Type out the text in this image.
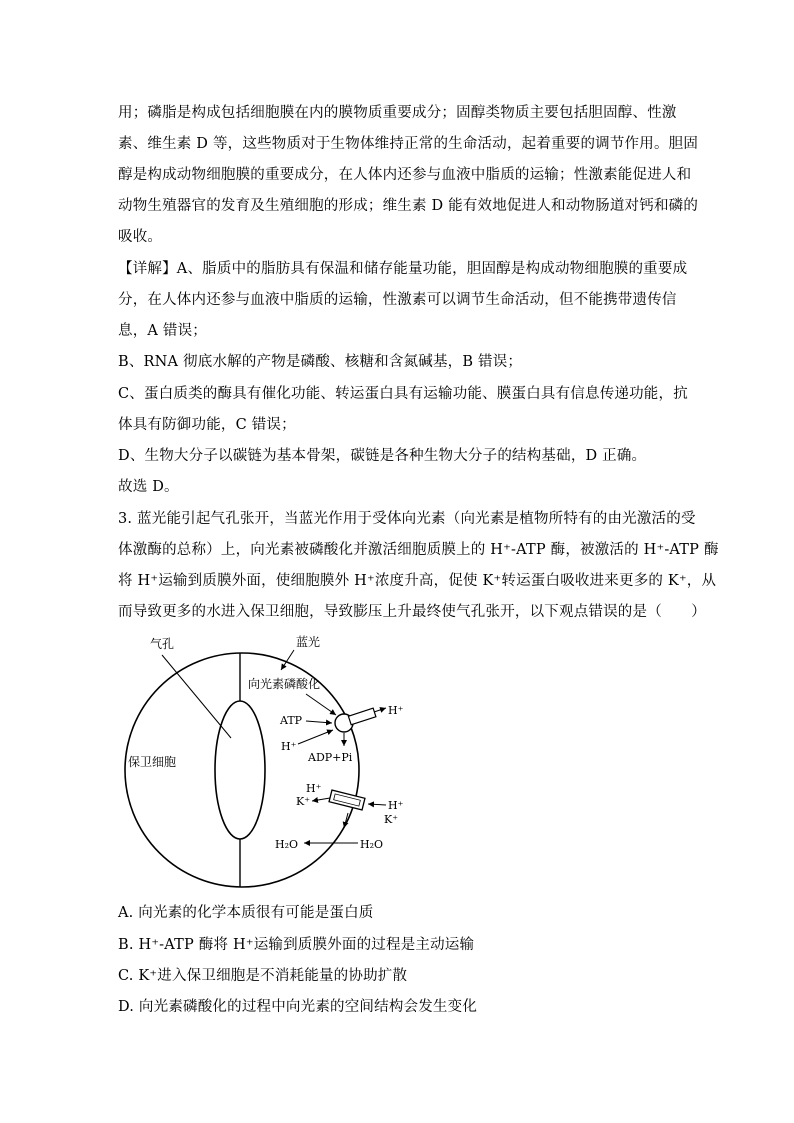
用；磷脂是构成包括细胞膜在内的膜物质重要成分；固醇类物质主要包括胆固醇、性激
素、维生素 D 等，这些物质对于生物体维持正常的生命活动，起着重要的调节作用。胆固
醇是构成动物细胞膜的重要成分，在人体内还参与血液中脂质的运输；性激素能促进人和
动物生殖器官的发育及生殖细胞的形成；维生素 D 能有效地促进人和动物肠道对钙和磷的
吸收。
【详解】A、脂质中的脂肪具有保温和储存能量功能，胆固醇是构成动物细胞膜的重要成
分，在人体内还参与血液中脂质的运输，性激素可以调节生命活动，但不能携带遗传信
息，A 错误；
B、RNA 彻底水解的产物是磷酸、核糖和含氮碱基，B 错误；
C、蛋白质类的酶具有催化功能、转运蛋白具有运输功能、膜蛋白具有信息传递功能，抗
体具有防御功能，C 错误；
D、生物大分子以碳链为基本骨架，碳链是各种生物大分子的结构基础，D 正确。
故选 D。
3. 蓝光能引起气孔张开，当蓝光作用于受体向光素（向光素是植物所特有的由光激活的受
体激酶的总称）上，向光素被磷酸化并激活细胞质膜上的 H⁺-ATP 酶，被激活的 H⁺-ATP 酶
将 H⁺运输到质膜外面，使细胞膜外 H⁺浓度升高，促使 K⁺转运蛋白吸收进来更多的 K⁺，从
而导致更多的水进入保卫细胞，导致膨压上升最终使气孔张开，以下观点错误的是（　　）
气孔
保卫细胞
蓝光
向光素磷酸化
H⁺
ATP
H⁺
ADP+Pi
H⁺
K⁺	H⁺
K⁺
H₂O	H₂O
A. 向光素的化学本质很有可能是蛋白质
B. H⁺-ATP 酶将 H⁺运输到质膜外面的过程是主动运输
C. K⁺进入保卫细胞是不消耗能量的协助扩散
D. 向光素磷酸化的过程中向光素的空间结构会发生变化
